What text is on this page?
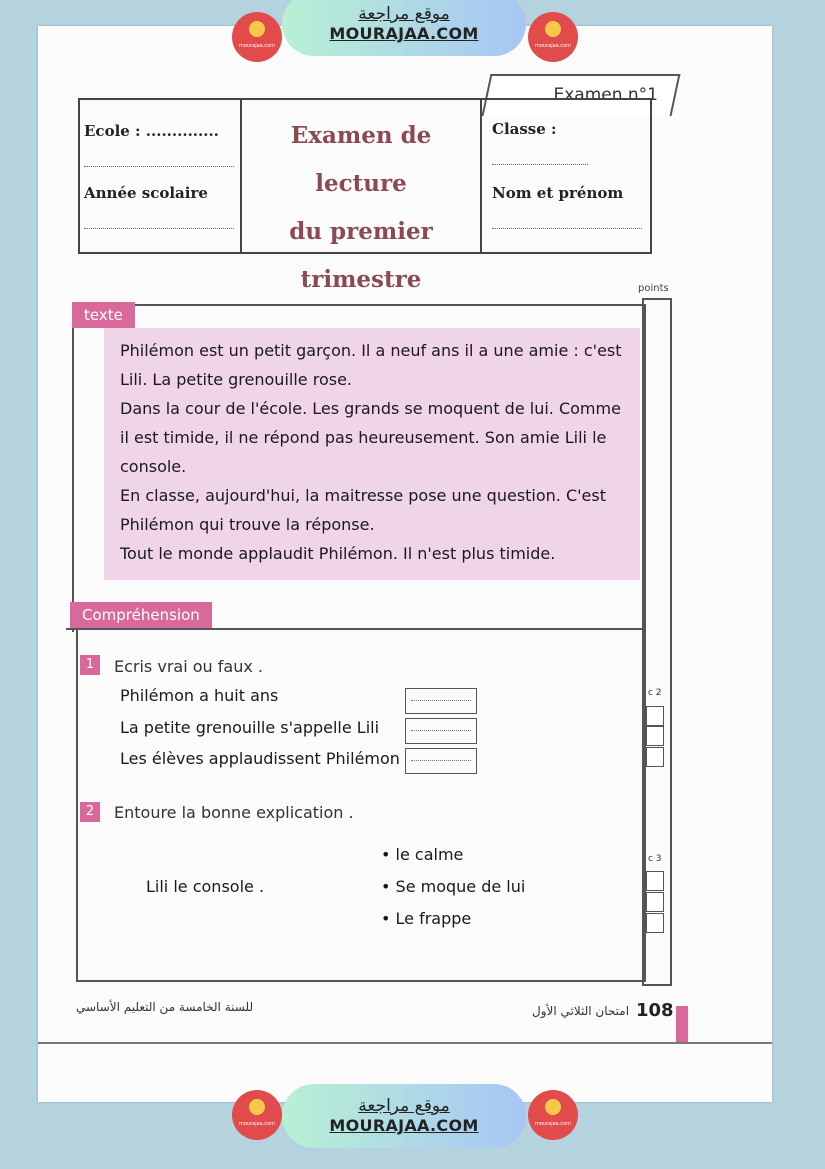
mourajaa.com
موقع مراجعة
MOURAJAA.COM
mourajaa.com
Examen n°1
Ecole : ..............
Année scolaire
Examen de lecture
du premier
trimestre
Classe :
Nom et prénom
points
texte

Philémon est un petit garçon. Il a neuf ans il a une amie : c'est Lili. La petite grenouille rose.

Dans la cour de l'école. Les grands se moquent de lui. Comme il est timide, il ne répond pas heureusement. Son amie Lili le console.

En classe, aujourd'hui, la maitresse pose une question. C'est Philémon qui trouve la réponse.

Tout le monde applaudit Philémon. Il n'est plus timide.

Compréhension
1	Ecris vrai ou faux .
Philémon a huit ans
La petite grenouille s'appelle Lili
Les élèves applaudissent Philémon
c 2
2	Entoure la bonne explication .
Lili le console .
• le calme
• Se moque de lui
• Le frappe
c 3
للسنة الخامسة من التعليم الأساسي	امتحان الثلاثي الأول 108
mourajaa.com
موقع مراجعة
MOURAJAA.COM	mourajaa.com
